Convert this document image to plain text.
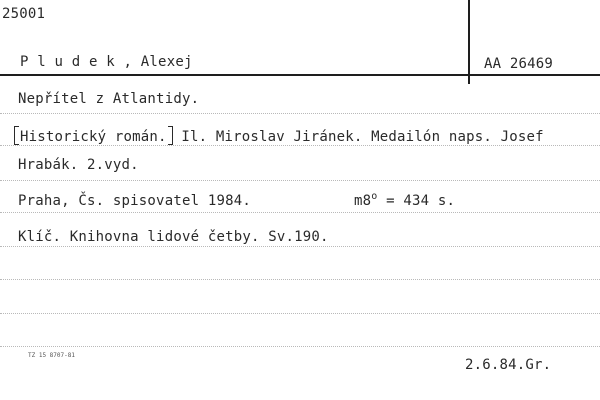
25001
P l u d e k , Alexej	AA 26469
Nepřítel z Atlantidy.
Historický román. Il. Miroslav Jiránek. Medailón naps. Josef
Hrabák. 2.vyd.
Praha, Čs. spisovatel 1984.	$m8^o = 434$ s.
Klíč. Knihovna lidové četby. Sv.190.
TZ 15 8707-81
2.6.84.Gr.
